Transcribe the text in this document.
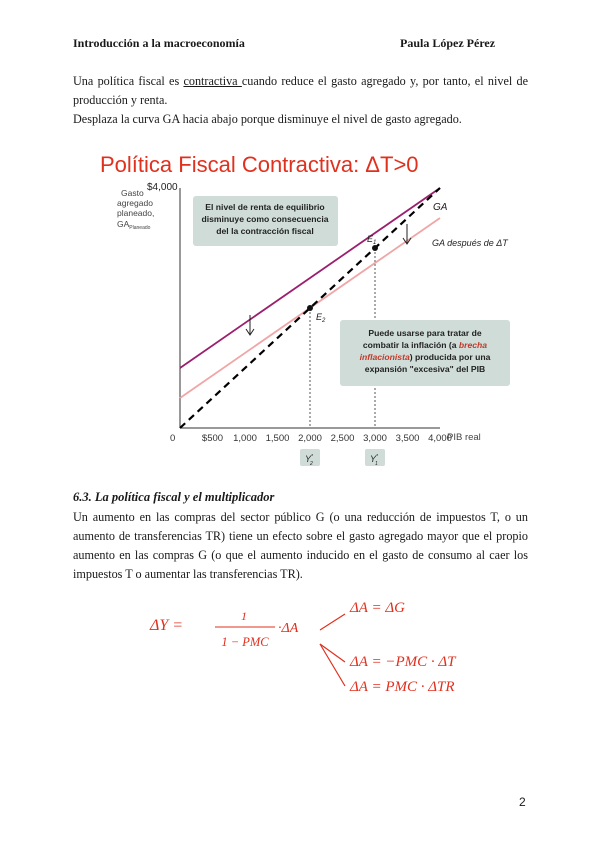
Introducción a la macroeconomía	Paula López Pérez
Una política fiscal es contractiva cuando reduce el gasto agregado y, por tanto, el nivel de producción y renta.
Desplaza la curva GA hacia abajo porque disminuye el nivel de gasto agregado.
Política Fiscal Contractiva: ΔT>0
$4,000
Gasto
agregado
planeado,
$GA_{Planeado}$
0	$500 1,000 1,500 2,000 2,500 3,000 3,500 4,000
PIB real
GA
GA después de ΔT
$E_1$
$E_2$
Y* 2	Y* 1
El nivel de renta de equilibrio
disminuye como consecuencia
del la contracción fiscal
Puede usarse para tratar de
combatir la inflación (a brecha
inflacionista) producida por una
expansión "excesiva" del PIB
6.3. La política fiscal y el multiplicador
Un aumento en las compras del sector público G (o una reducción de impuestos T, o un aumento de transferencias TR) tiene un efecto sobre el gasto agregado mayor que el propio aumento en las compras G (o que el aumento inducido en el gasto de consumo al caer los impuestos T o aumentar las transferencias TR).
ΔY =
1
1 − PMC
·ΔA
ΔA = ΔG
ΔA = −PMC · ΔT
ΔA = PMC · ΔTR
2
